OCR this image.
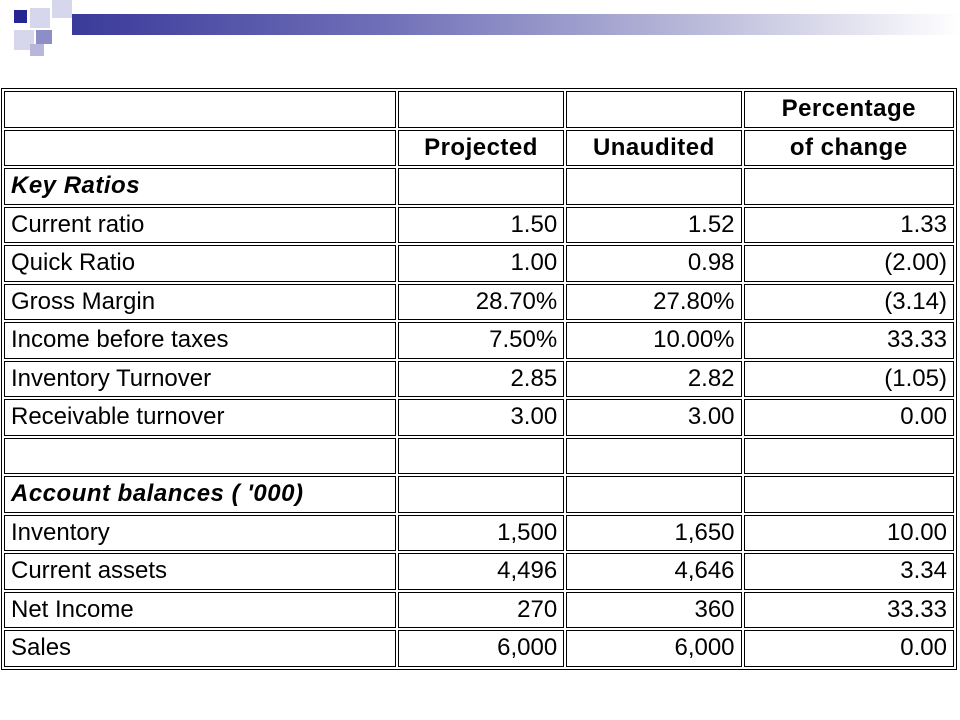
			Percentage
	Projected	Unaudited	of change
Key Ratios			
Current ratio	1.50	1.52	1.33
Quick Ratio	1.00	0.98	(2.00)
Gross Margin	28.70%	27.80%	(3.14)
Income before taxes	7.50%	10.00%	33.33
Inventory Turnover	2.85	2.82	(1.05)
Receivable turnover	3.00	3.00	0.00

Account balances ( '000)			
Inventory	1,500	1,650	10.00
Current assets	4,496	4,646	3.34
Net Income	270	360	33.33
Sales	6,000	6,000	0.00
